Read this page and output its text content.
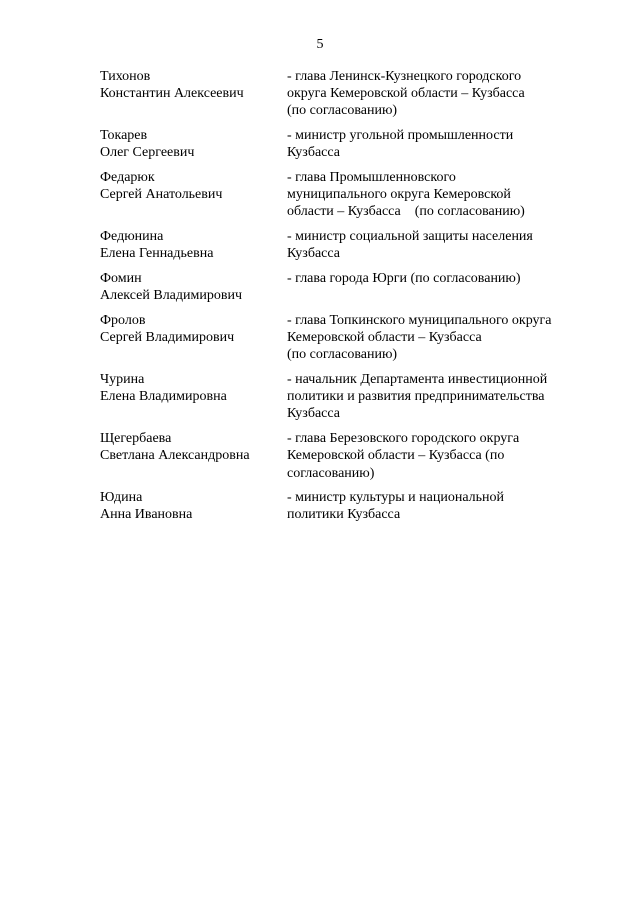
5
Тихонов
Константин Алексеевич
- глава Ленинск-Кузнецкого городского
округа Кемеровской области – Кузбасса
(по согласованию)
Токарев
Олег Сергеевич
- министр угольной промышленности
Кузбасса
Федарюк
Сергей Анатольевич
- глава Промышленновского
муниципального округа Кемеровской
области – Кузбасса    (по согласованию)
Федюнина
Елена Геннадьевна
- министр социальной защиты населения
Кузбасса
Фомин
Алексей Владимирович
- глава города Юрги (по согласованию)
Фролов
Сергей Владимирович
- глава Топкинского муниципального округа
Кемеровской области – Кузбасса
(по согласованию)
Чурина
Елена Владимировна
- начальник Департамента инвестиционной
политики и развития предпринимательства
Кузбасса
Щегербаева
Светлана Александровна
- глава Березовского городского округа
Кемеровской области – Кузбасса (по
согласованию)
Юдина
Анна Ивановна
- министр культуры и национальной
политики Кузбасса
